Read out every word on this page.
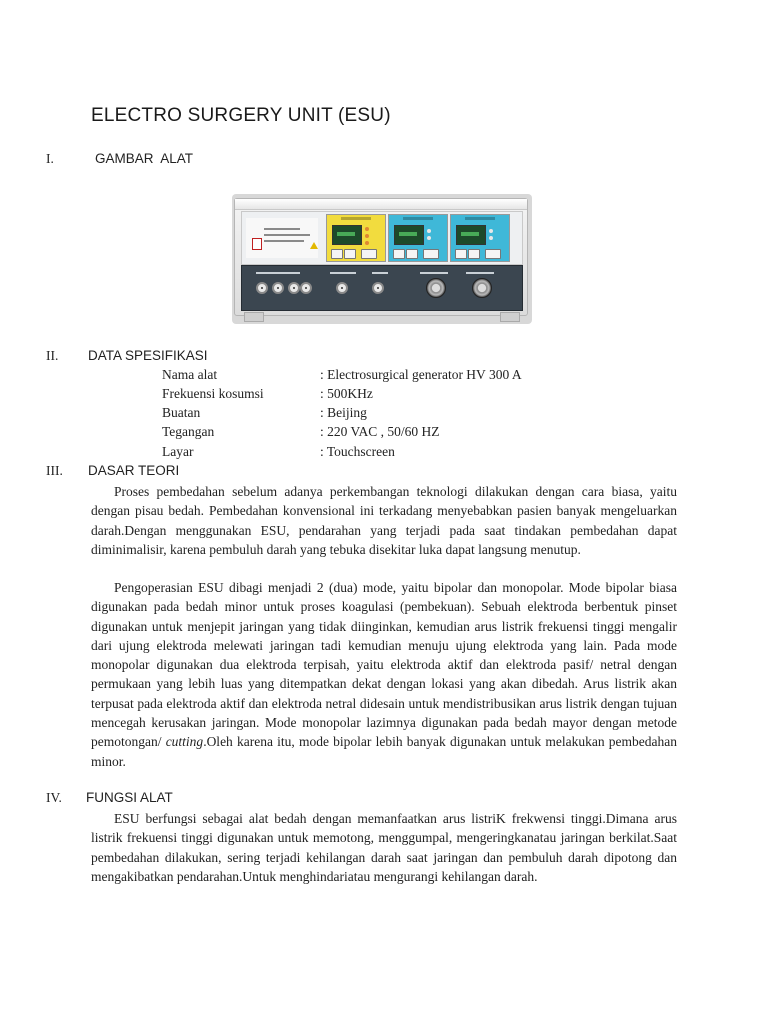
ELECTRO SURGERY UNIT (ESU)
I.	GAMBAR  ALAT
II. DATA SPESIFIKASI
Nama alat	: Electrosurgical generator HV 300 A
Frekuensi kosumsi	: 500KHz
Buatan	: Beijing
Tegangan	: 220 VAC , 50/60 HZ
Layar	: Touchscreen
III. DASAR TEORI

Proses pembedahan sebelum adanya perkembangan teknologi dilakukan dengan cara biasa, yaitu dengan pisau bedah. Pembedahan konvensional ini terkadang menyebabkan pasien banyak mengeluarkan darah.Dengan menggunakan ESU, pendarahan yang terjadi pada saat tindakan pembedahan dapat diminimalisir, karena pembuluh darah yang tebuka disekitar luka dapat langsung menutup.

Pengoperasian ESU dibagi menjadi 2 (dua) mode, yaitu bipolar dan monopolar. Mode bipolar biasa digunakan pada bedah minor untuk proses koagulasi (pembekuan). Sebuah elektroda berbentuk pinset digunakan untuk menjepit jaringan yang tidak diinginkan, kemudian arus listrik frekuensi tinggi mengalir dari ujung elektroda melewati jaringan tadi kemudian menuju ujung elektroda yang lain. Pada mode monopolar digunakan dua elektroda terpisah, yaitu elektroda aktif dan elektroda pasif/ netral dengan permukaan yang lebih luas yang ditempatkan dekat dengan lokasi yang akan dibedah. Arus listrik akan terpusat pada elektroda aktif dan elektroda netral didesain untuk mendistribusikan arus listrik dengan tujuan mencegah kerusakan jaringan. Mode monopolar lazimnya digunakan pada bedah mayor dengan metode pemotongan/ cutting.Oleh karena itu, mode bipolar lebih banyak digunakan untuk melakukan pembedahan minor.

IV. FUNGSI ALAT

ESU berfungsi sebagai alat bedah dengan memanfaatkan arus listriK frekwensi tinggi.Dimana arus listrik frekuensi tinggi digunakan untuk memotong, menggumpal, mengeringkanatau jaringan berkilat.Saat pembedahan dilakukan, sering terjadi kehilangan darah saat jaringan dan pembuluh darah dipotong dan mengakibatkan pendarahan.Untuk menghindariatau mengurangi kehilangan darah.
